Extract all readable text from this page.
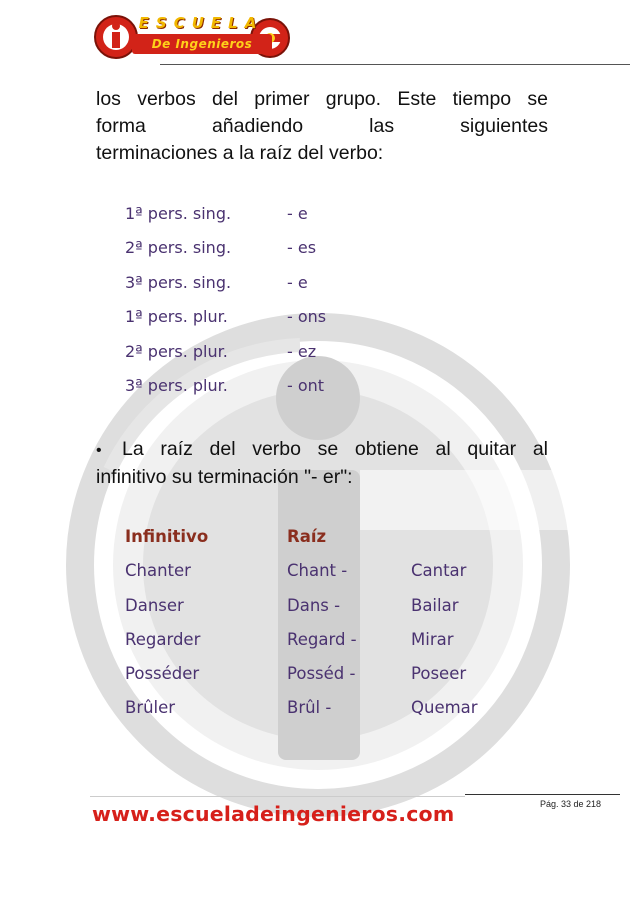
ESCUELA
De Ingenieros
los verbos del primer grupo. Este tiempo se
forma	añadiendo	las	siguientes
terminaciones a la raíz del verbo:
1ª pers. sing.	- e
2ª pers. sing.	- es
3ª pers. sing.	- e
1ª pers. plur.	- ons
2ª pers. plur.	- ez
3ª pers. plur.	- ont
• La raíz del verbo se obtiene al quitar al
infinitivo su terminación "- er":
Infinitivo	Raíz
Chanter	Chant -	Cantar
Danser	Dans -	Bailar
Regarder	Regard -	Mirar
Posséder	Posséd -	Poseer
Brûler	Brûl -	Quemar
Pág. 33 de 218
www.escueladeingenieros.com
